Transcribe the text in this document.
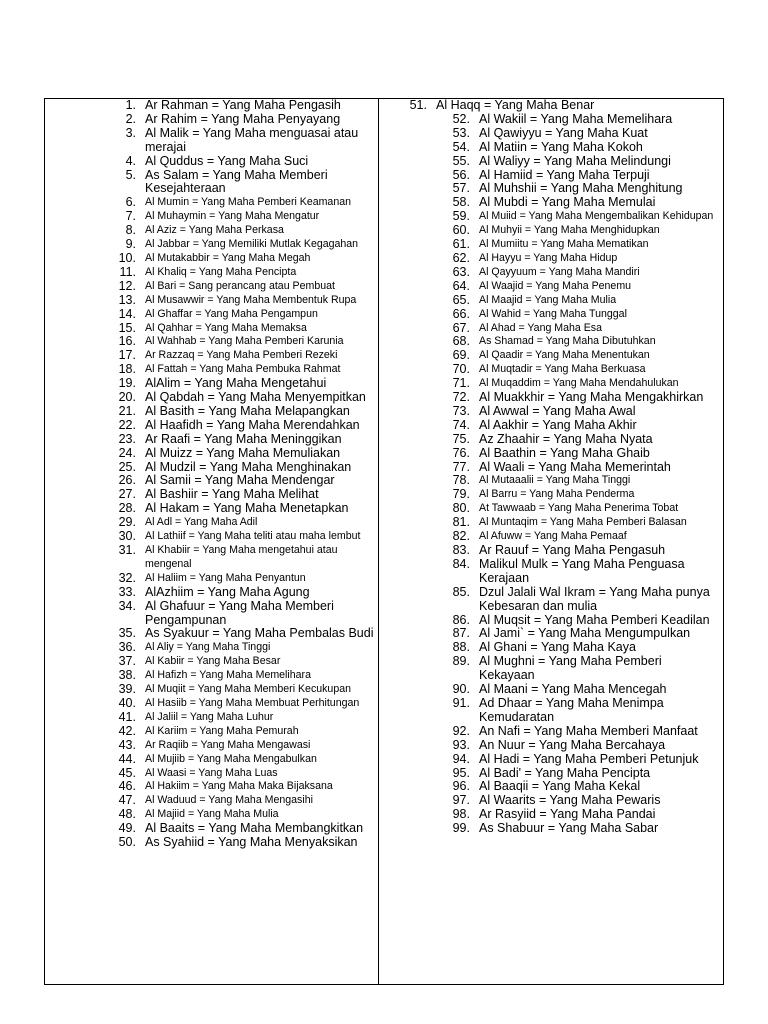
1. Ar Rahman = Yang Maha Pengasih
2. Ar Rahim = Yang Maha Penyayang
3. Al Malik = Yang Maha menguasai atau merajai
4. Al Quddus = Yang Maha Suci
5. As Salam = Yang Maha Memberi Kesejahteraan
6. Al Mumin = Yang Maha Pemberi Keamanan
7. Al Muhaymin = Yang Maha Mengatur
8. Al Aziz = Yang Maha Perkasa
9. Al Jabbar = Yang Memiliki Mutlak Kegagahan
10. Al Mutakabbir = Yang Maha Megah
11. Al Khaliq = Yang Maha Pencipta
12. Al Bari = Sang perancang atau Pembuat
13. Al Musawwir = Yang Maha Membentuk Rupa
14. Al Ghaffar = Yang Maha Pengampun
15. Al Qahhar = Yang Maha Memaksa
16. Al Wahhab = Yang Maha Pemberi Karunia
17. Ar Razzaq = Yang Maha Pemberi Rezeki
18. Al Fattah = Yang Maha Pembuka Rahmat
19. AlAlim = Yang Maha Mengetahui
20. Al Qabdah = Yang Maha Menyempitkan
21. Al Basith = Yang Maha Melapangkan
22. Al Haafidh = Yang Maha Merendahkan
23. Ar Raafi = Yang Maha Meninggikan
24. Al Muizz = Yang Maha Memuliakan
25. Al Mudzil = Yang Maha Menghinakan
26. Al Samii = Yang Maha Mendengar
27. Al Bashiir = Yang Maha Melihat
28. Al Hakam = Yang Maha Menetapkan
29. Al Adl = Yang Maha Adil
30. Al Lathiif = Yang Maha teliti atau maha lembut
31. Al Khabiir = Yang Maha mengetahui atau mengenal
32. Al Haliim = Yang Maha Penyantun
33. AlAzhiim = Yang Maha Agung
34. Al Ghafuur = Yang Maha Memberi Pengampunan
35. As Syakuur = Yang Maha Pembalas Budi
36. Al Aliy = Yang Maha Tinggi
37. Al Kabiir = Yang Maha Besar
38. Al Hafizh = Yang Maha Memelihara
39. Al Muqiit = Yang Maha Memberi Kecukupan
40. Al Hasiib = Yang Maha Membuat Perhitungan
41. Al Jaliil = Yang Maha Luhur
42. Al Kariim = Yang Maha Pemurah
43. Ar Raqiib = Yang Maha Mengawasi
44. Al Mujiib = Yang Maha Mengabulkan
45. Al Waasi = Yang Maha Luas
46. Al Hakiim = Yang Maha Maka Bijaksana
47. Al Waduud = Yang Maha Mengasihi
48. Al Majiid = Yang Maha Mulia
49. Al Baaits = Yang Maha Membangkitkan
50. As Syahiid = Yang Maha Menyaksikan
51. Al Haqq = Yang Maha Benar
52. Al Wakiil = Yang Maha Memelihara
53. Al Qawiyyu = Yang Maha Kuat
54. Al Matiin = Yang Maha Kokoh
55. Al Waliyy = Yang Maha Melindungi
56. Al Hamiid = Yang Maha Terpuji
57. Al Muhshii = Yang Maha Menghitung
58. Al Mubdi = Yang Maha Memulai
59. Al Muiid = Yang Maha Mengembalikan Kehidupan
60. Al Muhyii = Yang Maha Menghidupkan
61. Al Mumiitu = Yang Maha Mematikan
62. Al Hayyu = Yang Maha Hidup
63. Al Qayyuum = Yang Maha Mandiri
64. Al Waajid = Yang Maha Penemu
65. Al Maajid = Yang Maha Mulia
66. Al Wahid = Yang Maha Tunggal
67. Al Ahad = Yang Maha Esa
68. As Shamad = Yang Maha Dibutuhkan
69. Al Qaadir = Yang Maha Menentukan
70. Al Muqtadir = Yang Maha Berkuasa
71. Al Muqaddim = Yang Maha Mendahulukan
72. Al Muakkhir = Yang Maha Mengakhirkan
73. Al Awwal = Yang Maha Awal
74. Al Aakhir = Yang Maha Akhir
75. Az Zhaahir = Yang Maha Nyata
76. Al Baathin = Yang Maha Ghaib
77. Al Waali = Yang Maha Memerintah
78. Al Mutaaalii = Yang Maha Tinggi
79. Al Barru = Yang Maha Penderma
80. At Tawwaab = Yang Maha Penerima Tobat
81. Al Muntaqim = Yang Maha Pemberi Balasan
82. Al Afuww = Yang Maha Pemaaf
83. Ar Rauuf = Yang Maha Pengasuh
84. Malikul Mulk = Yang Maha Penguasa Kerajaan
85. Dzul Jalali Wal Ikram = Yang Maha punya Kebesaran dan mulia
86. Al Muqsit = Yang Maha Pemberi Keadilan
87. Al Jami` = Yang Maha Mengumpulkan
88. Al Ghani = Yang Maha Kaya
89. Al Mughni = Yang Maha Pemberi Kekayaan
90. Al Maani = Yang Maha Mencegah
91. Ad Dhaar = Yang Maha Menimpa Kemudaratan
92. An Nafi = Yang Maha Memberi Manfaat
93. An Nuur = Yang Maha Bercahaya
94. Al Hadi = Yang Maha Pemberi Petunjuk
95. Al Badi' = Yang Maha Pencipta
96. Al Baaqii = Yang Maha Kekal
97. Al Waarits = Yang Maha Pewaris
98. Ar Rasyiid = Yang Maha Pandai
99. As Shabuur = Yang Maha Sabar
